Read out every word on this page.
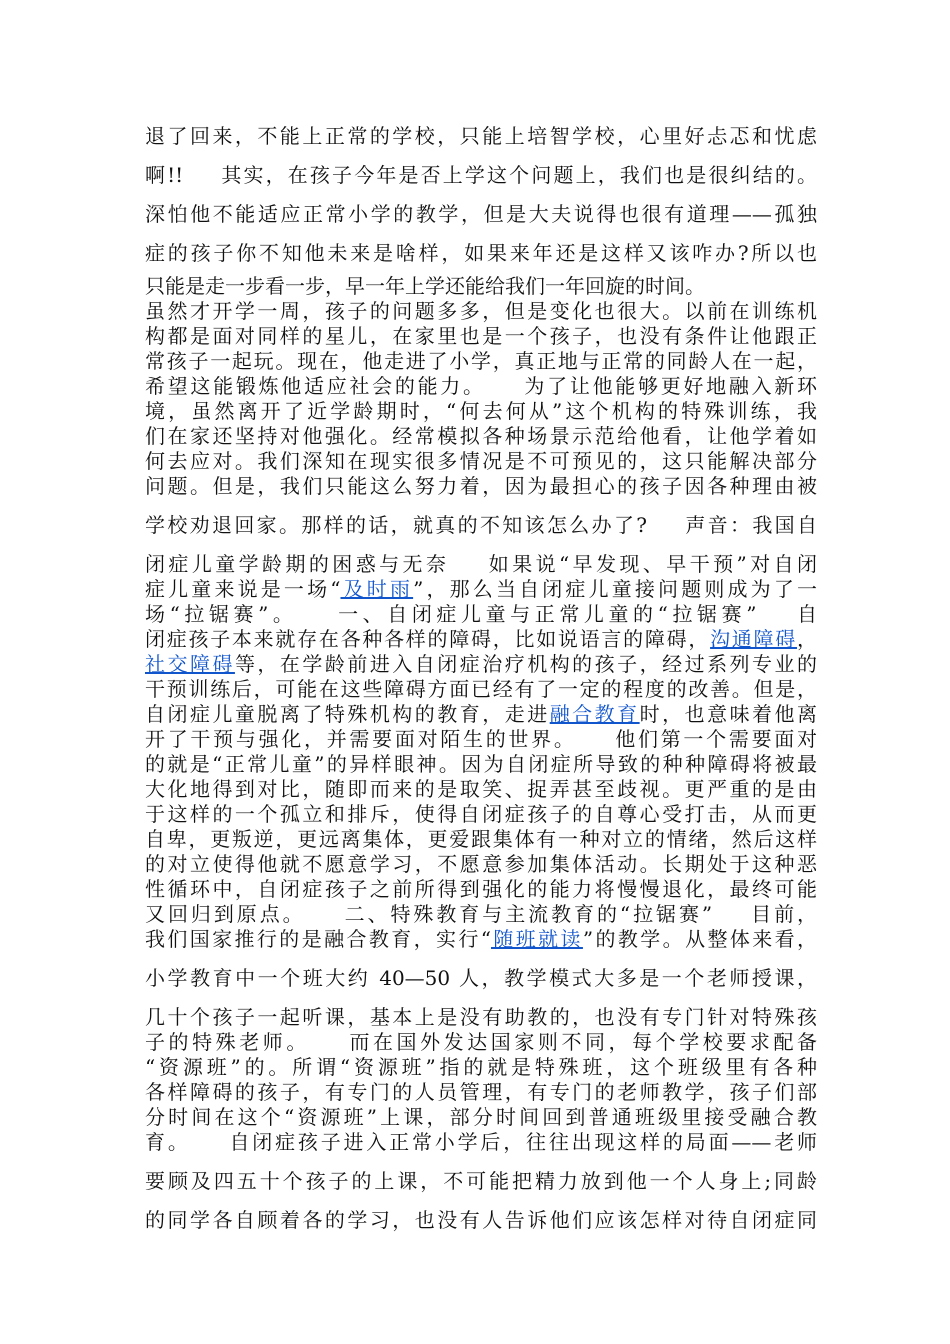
退了回来，不能上正常的学校，只能上培智学校，心里好忐忑和忧虑
啊!! 其实，在孩子今年是否上学这个问题上，我们也是很纠结的。
深怕他不能适应正常小学的教学，但是大夫说得也很有道理——孤独
症的孩子你不知他未来是啥样，如果来年还是这样又该咋办?所以也
只能是走一步看一步，早一年上学还能给我们一年回旋的时间。
虽然才开学一周，孩子的问题多多，但是变化也很大。以前在训练机
构都是面对同样的星儿，在家里也是一个孩子，也没有条件让他跟正
常孩子一起玩。现在，他走进了小学，真正地与正常的同龄人在一起，
希望这能锻炼他适应社会的能力。 为了让他能够更好地融入新环
境，虽然离开了近学龄期时，“何去何从”这个机构的特殊训练，我
们在家还坚持对他强化。经常模拟各种场景示范给他看，让他学着如
何去应对。我们深知在现实很多情况是不可预见的，这只能解决部分
问题。但是，我们只能这么努力着，因为最担心的孩子因各种理由被
学校劝退回家。那样的话，就真的不知该怎么办了? 声音：我国自
闭症儿童学龄期的困惑与无奈 如果说“早发现、早干预”对自闭
症儿童来说是一场“及时雨”，那么当自闭症儿童接问题则成为了一
场“拉锯赛”。 一、自闭症儿童与正常儿童的“拉锯赛” 自
闭症孩子本来就存在各种各样的障碍，比如说语言的障碍，沟通障碍，
社交障碍等，在学龄前进入自闭症治疗机构的孩子，经过系列专业的
干预训练后，可能在这些障碍方面已经有了一定的程度的改善。但是，
自闭症儿童脱离了特殊机构的教育，走进融合教育时，也意味着他离
开了干预与强化，并需要面对陌生的世界。 他们第一个需要面对
的就是“正常儿童”的异样眼神。因为自闭症所导致的种种障碍将被最
大化地得到对比，随即而来的是取笑、捉弄甚至歧视。更严重的是由
于这样的一个孤立和排斥，使得自闭症孩子的自尊心受打击，从而更
自卑，更叛逆，更远离集体，更爱跟集体有一种对立的情绪，然后这样
的对立使得他就不愿意学习，不愿意参加集体活动。长期处于这种恶
性循环中，自闭症孩子之前所得到强化的能力将慢慢退化，最终可能
又回归到原点。 二、特殊教育与主流教育的“拉锯赛” 目前，
我们国家推行的是融合教育，实行“随班就读”的教学。从整体来看，
小学教育中一个班大约 40—50 人，教学模式大多是一个老师授课，
几十个孩子一起听课，基本上是没有助教的，也没有专门针对特殊孩
子的特殊老师。 而在国外发达国家则不同，每个学校要求配备
“资源班”的。所谓“资源班”指的就是特殊班，这个班级里有各种
各样障碍的孩子，有专门的人员管理，有专门的老师教学，孩子们部
分时间在这个“资源班”上课，部分时间回到普通班级里接受融合教
育。 自闭症孩子进入正常小学后，往往出现这样的局面——老师
要顾及四五十个孩子的上课，不可能把精力放到他一个人身上;同龄
的同学各自顾着各的学习，也没有人告诉他们应该怎样对待自闭症同
